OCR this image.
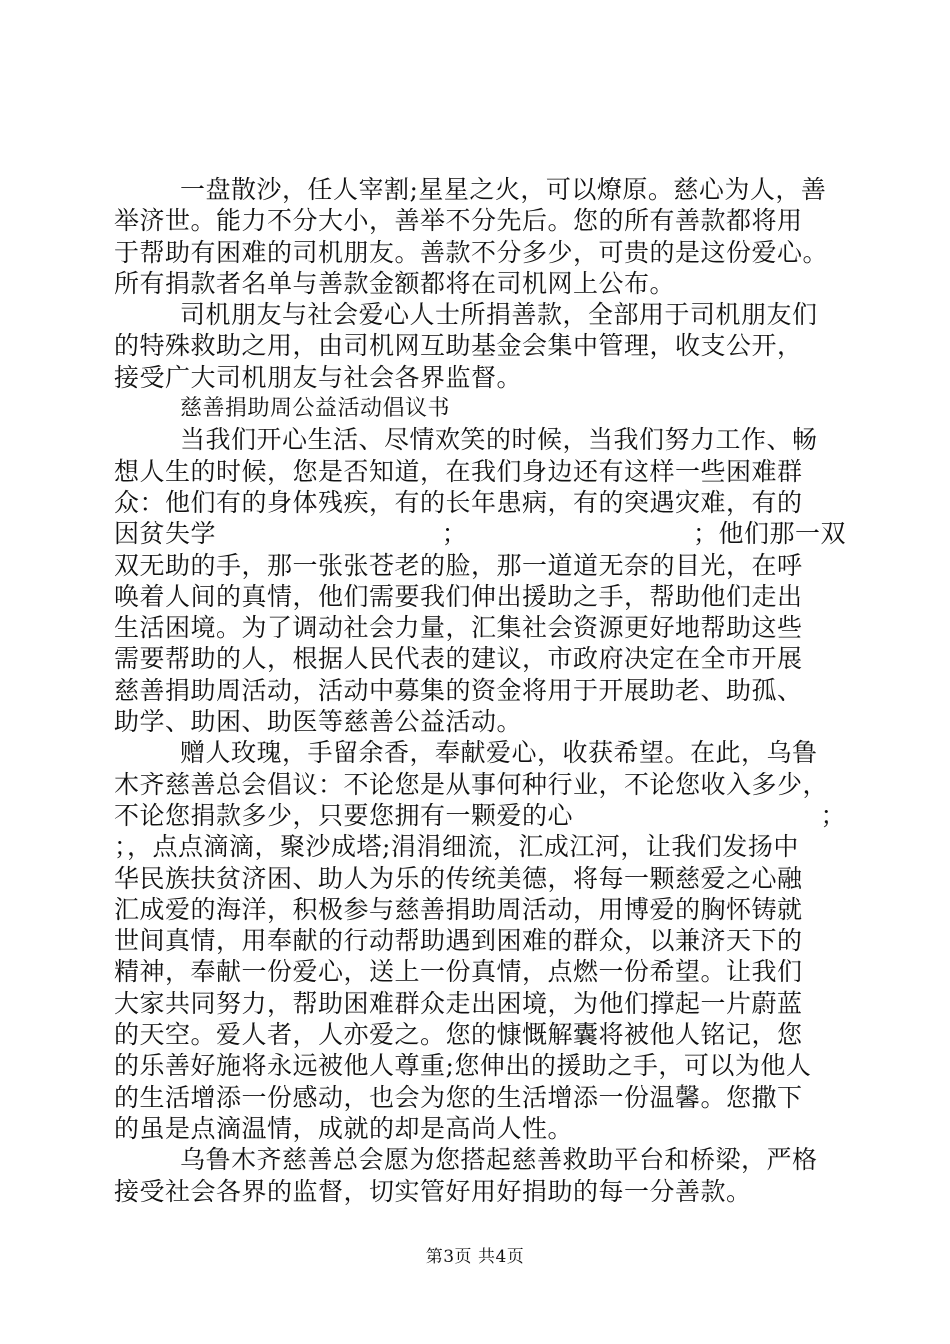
一盘散沙，任人宰割;星星之火，可以燎原。慈心为人，善
举济世。能力不分大小，善举不分先后。您的所有善款都将用
于帮助有困难的司机朋友。善款不分多少，可贵的是这份爱心。
所有捐款者名单与善款金额都将在司机网上公布。
司机朋友与社会爱心人士所捐善款，全部用于司机朋友们
的特殊救助之用，由司机网互助基金会集中管理，收支公开，
接受广大司机朋友与社会各界监督。
慈善捐助周公益活动倡议书
当我们开心生活、尽情欢笑的时候，当我们努力工作、畅
想人生的时候，您是否知道，在我们身边还有这样一些困难群
众：他们有的身体残疾，有的长年患病，有的突遇灾难，有的
因贫失学	；	；他们那一双
双无助的手，那一张张苍老的脸，那一道道无奈的目光，在呼
唤着人间的真情，他们需要我们伸出援助之手，帮助他们走出
生活困境。为了调动社会力量，汇集社会资源更好地帮助这些
需要帮助的人，根据人民代表的建议，市政府决定在全市开展
慈善捐助周活动，活动中募集的资金将用于开展助老、助孤、
助学、助困、助医等慈善公益活动。
赠人玫瑰，手留余香，奉献爱心，收获希望。在此，乌鲁
木齐慈善总会倡议：不论您是从事何种行业，不论您收入多少，
不论您捐款多少，只要您拥有一颗爱的心	；
；，点点滴滴，聚沙成塔;涓涓细流，汇成江河，让我们发扬中
华民族扶贫济困、助人为乐的传统美德，将每一颗慈爱之心融
汇成爱的海洋，积极参与慈善捐助周活动，用博爱的胸怀铸就
世间真情，用奉献的行动帮助遇到困难的群众，以兼济天下的
精神，奉献一份爱心，送上一份真情，点燃一份希望。让我们
大家共同努力，帮助困难群众走出困境，为他们撑起一片蔚蓝
的天空。爱人者，人亦爱之。您的慷慨解囊将被他人铭记，您
的乐善好施将永远被他人尊重;您伸出的援助之手，可以为他人
的生活增添一份感动，也会为您的生活增添一份温馨。您撒下
的虽是点滴温情，成就的却是高尚人性。
乌鲁木齐慈善总会愿为您搭起慈善救助平台和桥梁，严格
接受社会各界的监督，切实管好用好捐助的每一分善款。
第3页 共4页
